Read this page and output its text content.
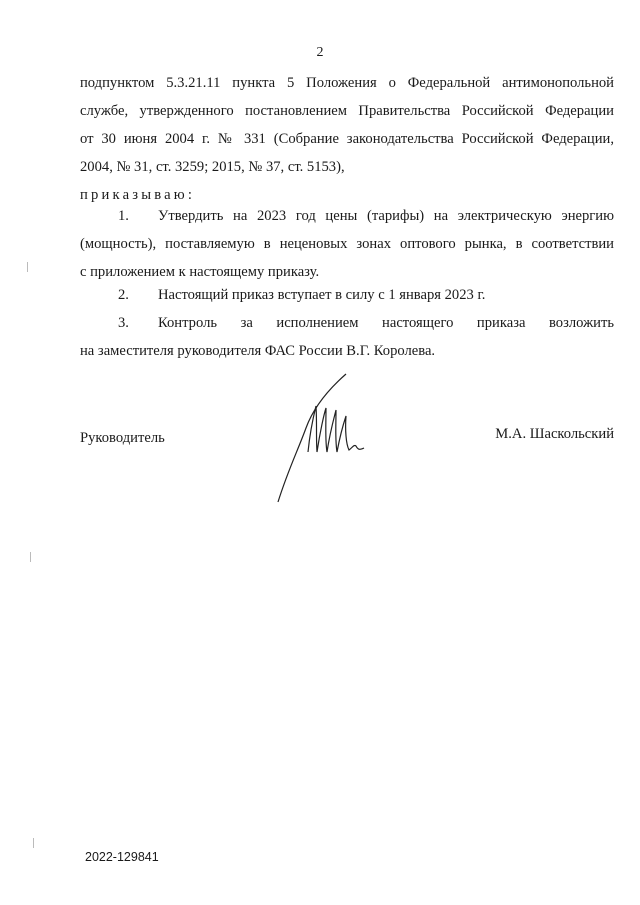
2
подпунктом 5.3.21.11 пункта 5 Положения о Федеральной антимонопольной
службе, утвержденного постановлением Правительства Российской Федерации
от 30 июня 2004 г. № 331 (Собрание законодательства Российской Федерации,
2004, № 31, ст. 3259; 2015, № 37, ст. 5153),
приказываю:
1. Утвердить на 2023 год цены (тарифы) на электрическую энергию
(мощность), поставляемую в неценовых зонах оптового рынка, в соответствии
с приложением к настоящему приказу.
2. Настоящий приказ вступает в силу с 1 января 2023 г.
3. Контроль за исполнением настоящего приказа возложить
на заместителя руководителя ФАС России В.Г. Королева.
Руководитель	М.А. Шаскольский
2022-129841
